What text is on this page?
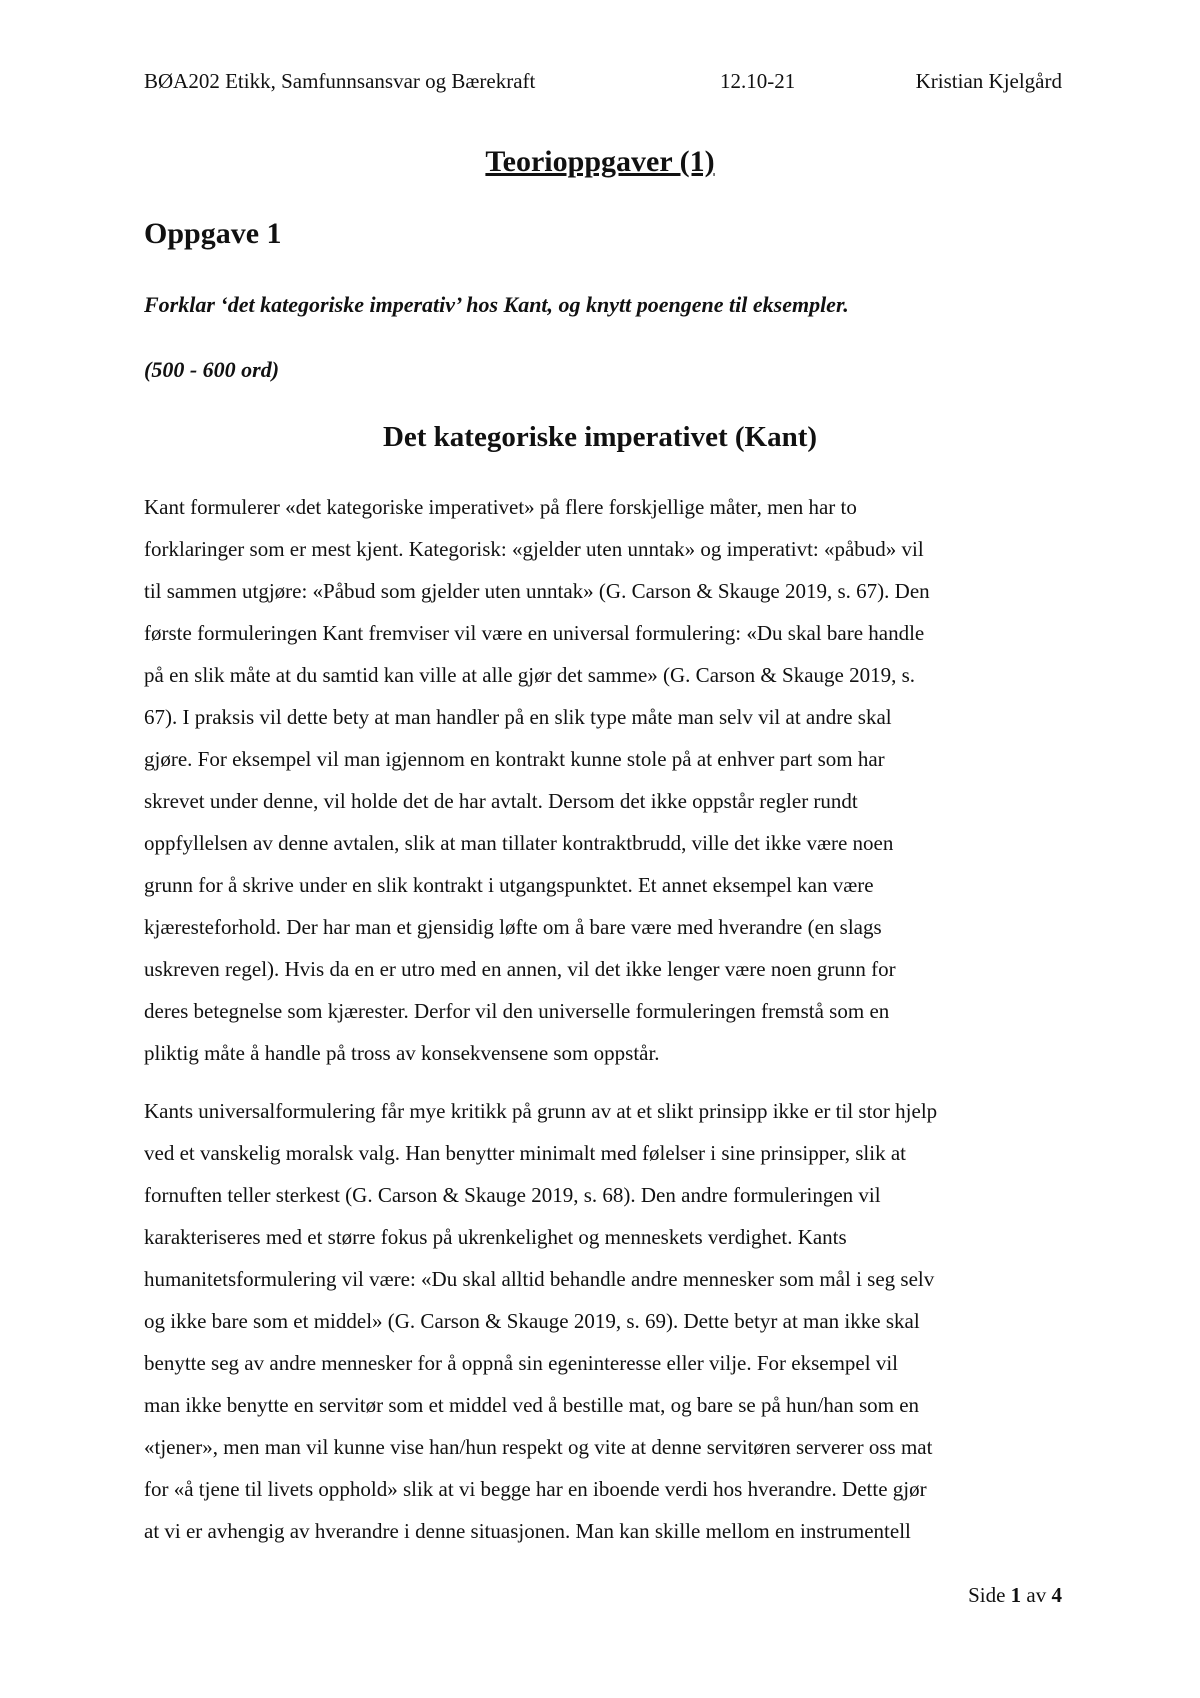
BØA202 Etikk, Samfunnsansvar og Bærekraft	12.10-21	Kristian Kjelgård
Teorioppgaver (1)
Oppgave 1
Forklar ‘det kategoriske imperativ’ hos Kant, og knytt poengene til eksempler.
(500 - 600 ord)
Det kategoriske imperativet (Kant)
Kant formulerer «det kategoriske imperativet» på flere forskjellige måter, men har to
forklaringer som er mest kjent. Kategorisk: «gjelder uten unntak» og imperativt: «påbud» vil
til sammen utgjøre: «Påbud som gjelder uten unntak» (G. Carson & Skauge 2019, s. 67). Den
første formuleringen Kant fremviser vil være en universal formulering: «Du skal bare handle
på en slik måte at du samtid kan ville at alle gjør det samme» (G. Carson & Skauge 2019, s.
67). I praksis vil dette bety at man handler på en slik type måte man selv vil at andre skal
gjøre. For eksempel vil man igjennom en kontrakt kunne stole på at enhver part som har
skrevet under denne, vil holde det de har avtalt. Dersom det ikke oppstår regler rundt
oppfyllelsen av denne avtalen, slik at man tillater kontraktbrudd, ville det ikke være noen
grunn for å skrive under en slik kontrakt i utgangspunktet. Et annet eksempel kan være
kjæresteforhold. Der har man et gjensidig løfte om å bare være med hverandre (en slags
uskreven regel). Hvis da en er utro med en annen, vil det ikke lenger være noen grunn for
deres betegnelse som kjærester. Derfor vil den universelle formuleringen fremstå som en
pliktig måte å handle på tross av konsekvensene som oppstår.
Kants universalformulering får mye kritikk på grunn av at et slikt prinsipp ikke er til stor hjelp
ved et vanskelig moralsk valg. Han benytter minimalt med følelser i sine prinsipper, slik at
fornuften teller sterkest (G. Carson & Skauge 2019, s. 68). Den andre formuleringen vil
karakteriseres med et større fokus på ukrenkelighet og menneskets verdighet. Kants
humanitetsformulering vil være: «Du skal alltid behandle andre mennesker som mål i seg selv
og ikke bare som et middel» (G. Carson & Skauge 2019, s. 69). Dette betyr at man ikke skal
benytte seg av andre mennesker for å oppnå sin egeninteresse eller vilje. For eksempel vil
man ikke benytte en servitør som et middel ved å bestille mat, og bare se på hun/han som en
«tjener», men man vil kunne vise han/hun respekt og vite at denne servitøren serverer oss mat
for «å tjene til livets opphold» slik at vi begge har en iboende verdi hos hverandre. Dette gjør
at vi er avhengig av hverandre i denne situasjonen. Man kan skille mellom en instrumentell
Side 1 av 4
